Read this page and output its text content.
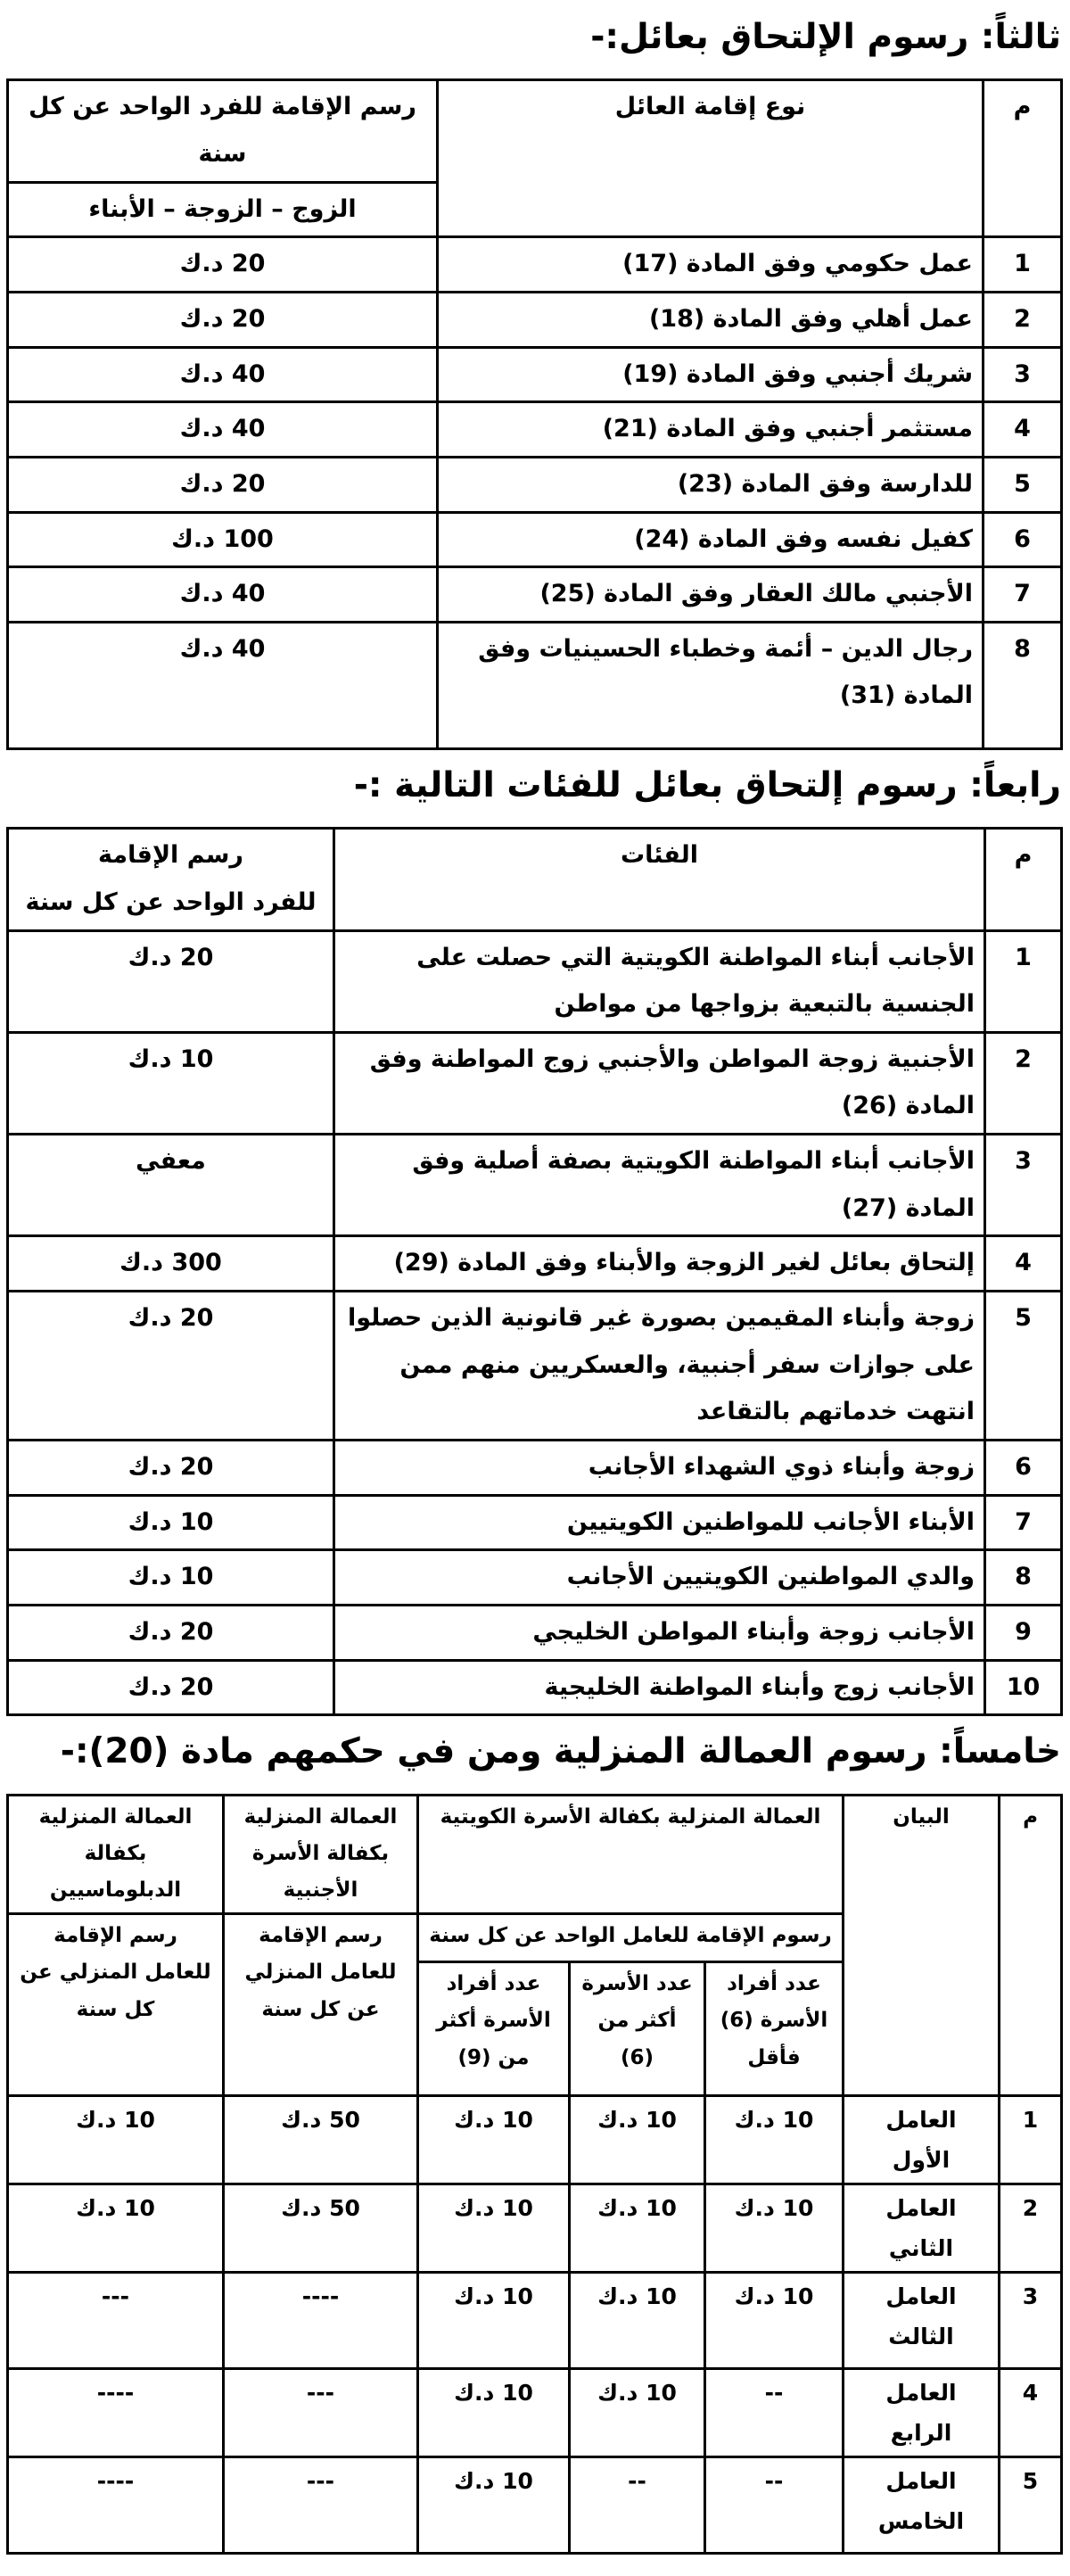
ثالثاً: رسوم الإلتحاق بعائل:-
م	نوع إقامة العائل	رسم الإقامة للفرد الواحد عن كل سنة
		الزوج – الزوجة – الأبناء
1	عمل حكومي وفق المادة (17)	20 د.ك
2	عمل أهلي وفق المادة (18)	20 د.ك
3	شريك أجنبي وفق المادة (19)	40 د.ك
4	مستثمر أجنبي وفق المادة (21)	40 د.ك
5	للدارسة وفق المادة (23)	20 د.ك
6	كفيل نفسه وفق المادة (24)	100 د.ك
7	الأجنبي مالك العقار وفق المادة (25)	40 د.ك
8	رجال الدين – أئمة وخطباء الحسينيات وفق المادة (31)	40 د.ك
رابعاً: رسوم إلتحاق بعائل للفئات التالية :-
م	الفئات	رسم الإقامة
للفرد الواحد عن كل سنة

1	الأجانب أبناء المواطنة الكويتية التي حصلت على الجنسية بالتبعية بزواجها من مواطن	20 د.ك
2	الأجنبية زوجة المواطن والأجنبي زوج المواطنة وفق المادة (26)	10 د.ك
3	الأجانب أبناء المواطنة الكويتية بصفة أصلية وفق المادة (27)	معفي
4	إلتحاق بعائل لغير الزوجة والأبناء وفق المادة (29)	300 د.ك
5	زوجة وأبناء المقيمين بصورة غير قانونية الذين حصلوا على جوازات سفر أجنبية، والعسكريين منهم ممن انتهت خدماتهم بالتقاعد	20 د.ك
6	زوجة وأبناء ذوي الشهداء الأجانب	20 د.ك
7	الأبناء الأجانب للمواطنين الكويتيين	10 د.ك
8	والدي المواطنين الكويتيين الأجانب	10 د.ك
9	الأجانب زوجة وأبناء المواطن الخليجي	20 د.ك
10	الأجانب زوج وأبناء المواطنة الخليجية	20 د.ك
خامساً: رسوم العمالة المنزلية ومن في حكمهم مادة (20):-
م	البيان	العمالة المنزلية بكفالة الأسرة الكويتية			العمالة المنزلية بكفالة الأسرة الأجنبية	العمالة المنزلية بكفالة الدبلوماسيين
		رسوم الإقامة للعامل الواحد عن كل سنة			رسم الإقامة للعامل المنزلي عن كل سنة	رسم الإقامة للعامل المنزلي عن كل سنة
		عدد أفراد الأسرة (6) فأقل	عدد الأسرة أكثر من (6)	عدد أفراد الأسرة أكثر من (9)		
1	العامل الأول	10 د.ك	10 د.ك	10 د.ك	50 د.ك	10 د.ك
2	العامل الثاني	10 د.ك	10 د.ك	10 د.ك	50 د.ك	10 د.ك
3	العامل الثالث	10 د.ك	10 د.ك	10 د.ك	----	---
4	العامل الرابع	--	10 د.ك	10 د.ك	---	----
5	العامل الخامس	--	--	10 د.ك	---	----
